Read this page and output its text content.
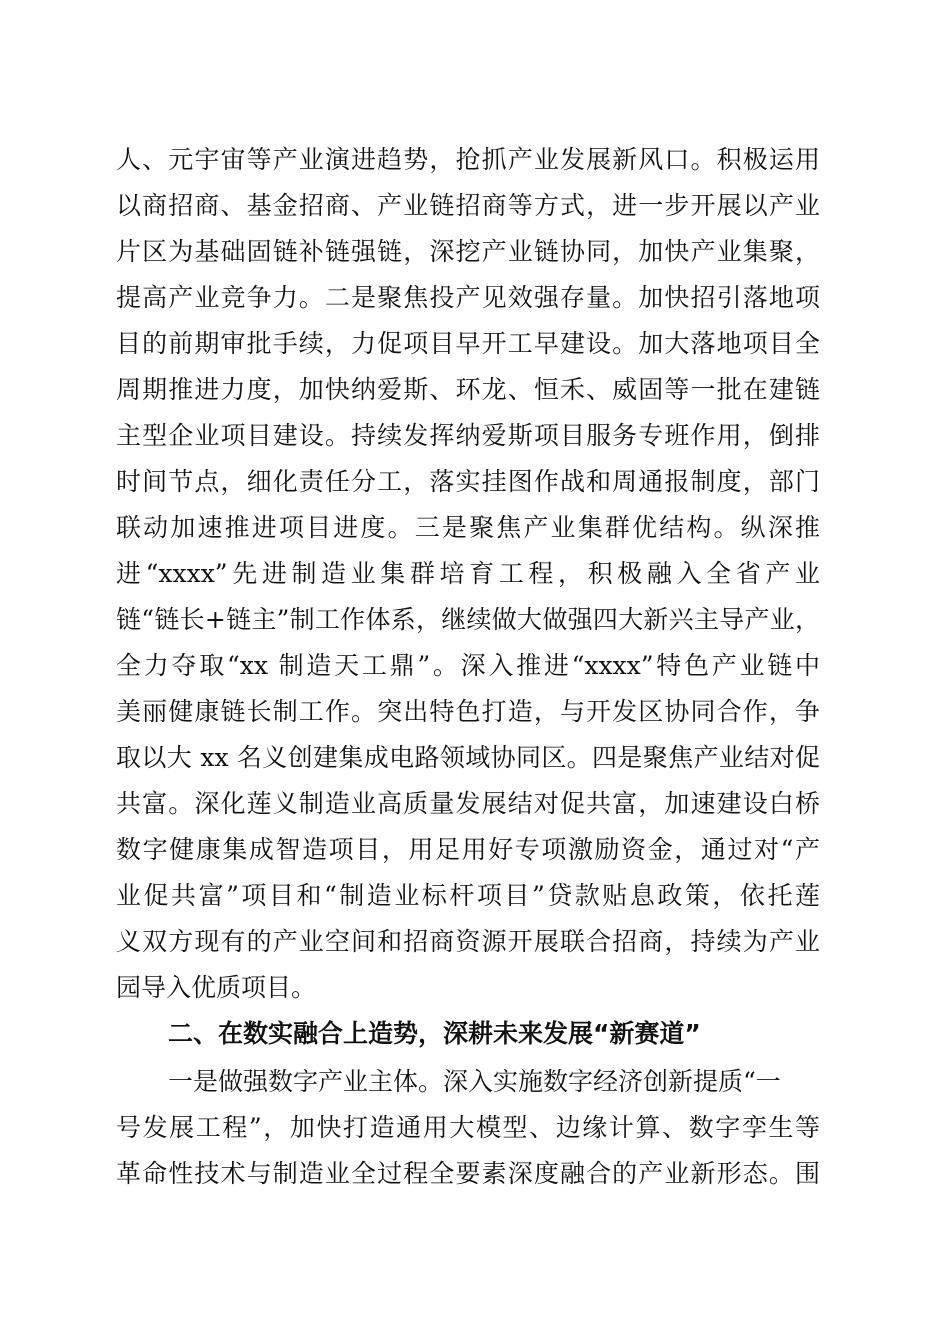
人、元宇宙等产业演进趋势，抢抓产业发展新风口。积极运用
以商招商、基金招商、产业链招商等方式，进一步开展以产业
片区为基础固链补链强链，深挖产业链协同，加快产业集聚，
提高产业竞争力。二是聚焦投产见效强存量。加快招引落地项
目的前期审批手续，力促项目早开工早建设。加大落地项目全
周期推进力度，加快纳爱斯、环龙、恒禾、威固等一批在建链
主型企业项目建设。持续发挥纳爱斯项目服务专班作用，倒排
时间节点，细化责任分工，落实挂图作战和周通报制度，部门
联动加速推进项目进度。三是聚焦产业集群优结构。纵深推
进“xxxx”先进制造业集群培育工程，积极融入全省产业
链“链长+链主”制工作体系，继续做大做强四大新兴主导产业，
全力夺取“xx 制造天工鼎”。深入推进“xxxx”特色产业链中
美丽健康链长制工作。突出特色打造，与开发区协同合作，争
取以大 xx 名义创建集成电路领域协同区。四是聚焦产业结对促
共富。深化莲义制造业高质量发展结对促共富，加速建设白桥
数字健康集成智造项目，用足用好专项激励资金，通过对“产
业促共富”项目和“制造业标杆项目”贷款贴息政策，依托莲
义双方现有的产业空间和招商资源开展联合招商，持续为产业
园导入优质项目。
二、在数实融合上造势，深耕未来发展“新赛道”
一是做强数字产业主体。深入实施数字经济创新提质“一
号发展工程”，加快打造通用大模型、边缘计算、数字孪生等
革命性技术与制造业全过程全要素深度融合的产业新形态。围
